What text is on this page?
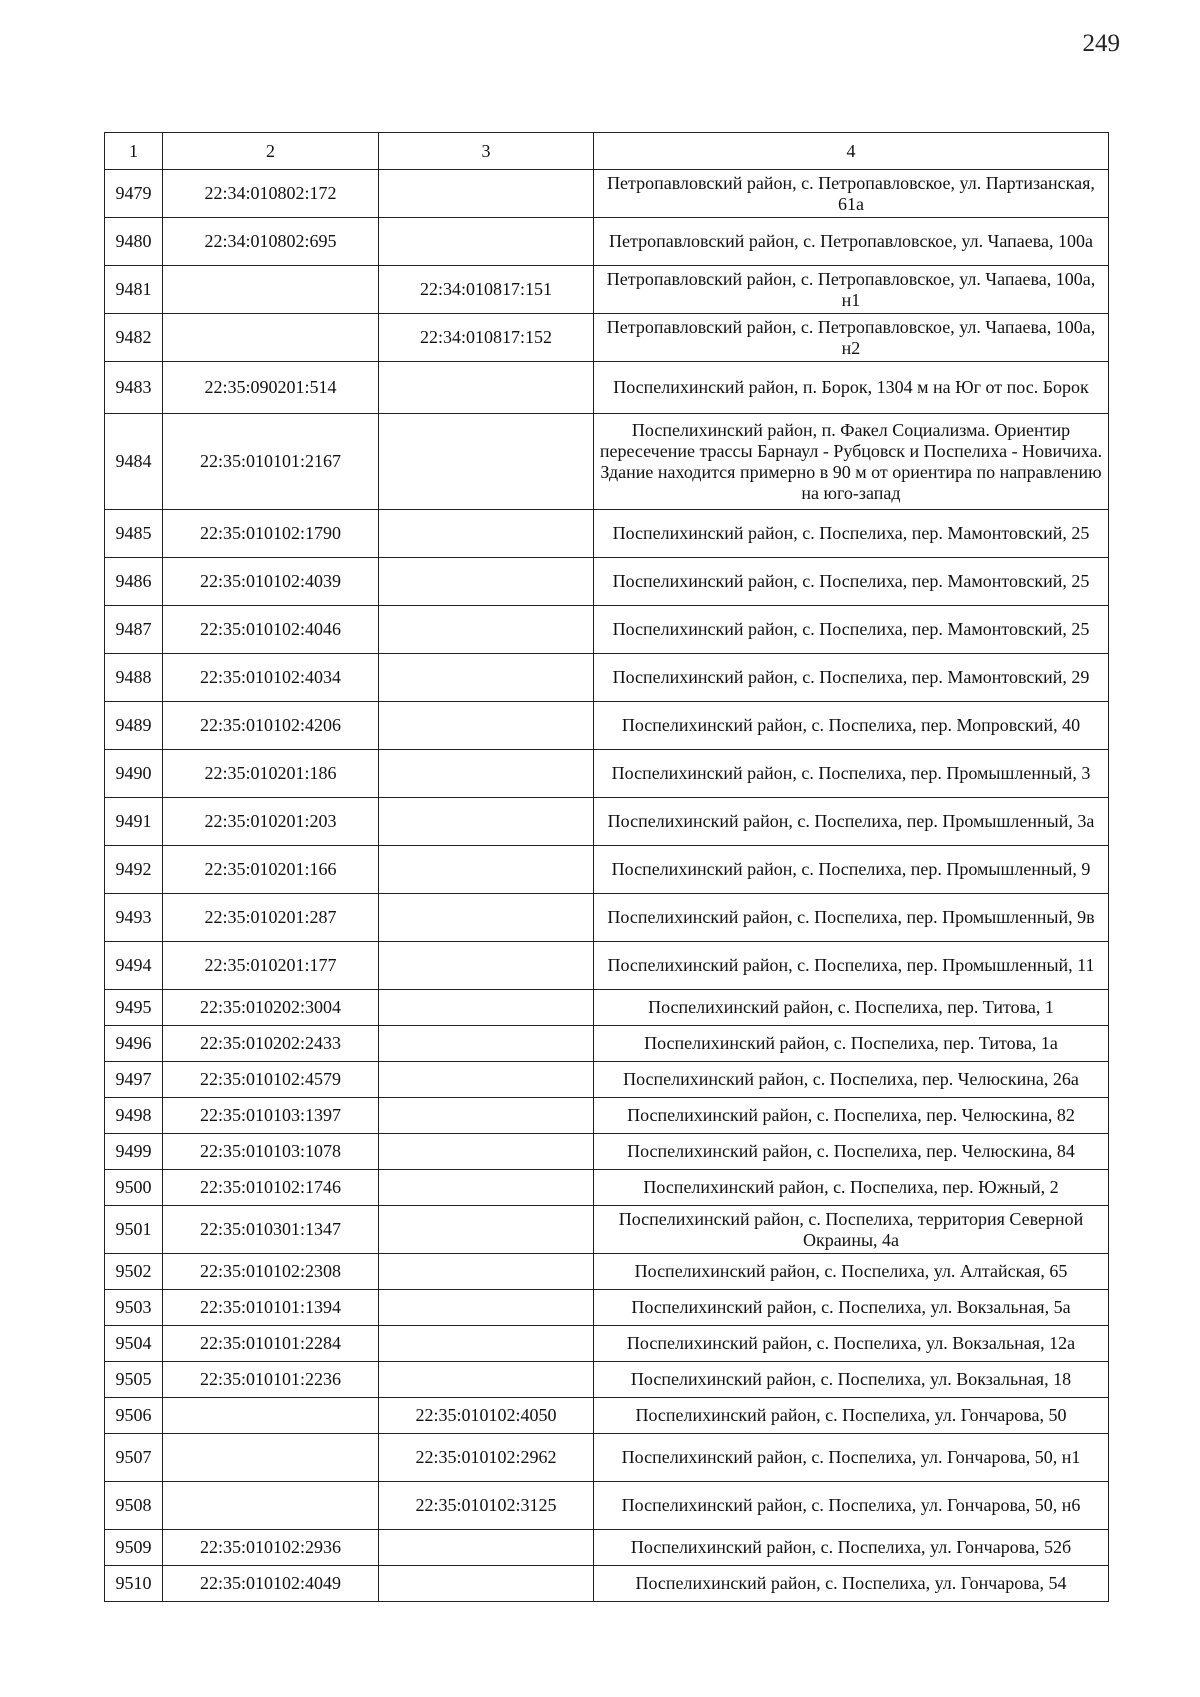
249
1	2	3	4
9479	22:34:010802:172		Петропавловский район, с. Петропавловское, ул. Партизанская, 61а
9480	22:34:010802:695		Петропавловский район, с. Петропавловское, ул. Чапаева, 100а
9481		22:34:010817:151	Петропавловский район, с. Петропавловское, ул. Чапаева, 100а, н1
9482		22:34:010817:152	Петропавловский район, с. Петропавловское, ул. Чапаева, 100а, н2
9483	22:35:090201:514		Поспелихинский район, п. Борок, 1304 м на Юг от пос. Борок
9484	22:35:010101:2167		Поспелихинский район, п. Факел Социализма. Ориентир пересечение трассы Барнаул - Рубцовск и Поспелиха - Новичиха. Здание находится примерно в 90 м от ориентира по направлению на юго-запад
9485	22:35:010102:1790		Поспелихинский район, с. Поспелиха, пер. Мамонтовский, 25
9486	22:35:010102:4039		Поспелихинский район, с. Поспелиха, пер. Мамонтовский, 25
9487	22:35:010102:4046		Поспелихинский район, с. Поспелиха, пер. Мамонтовский, 25
9488	22:35:010102:4034		Поспелихинский район, с. Поспелиха, пер. Мамонтовский, 29
9489	22:35:010102:4206		Поспелихинский район, с. Поспелиха, пер. Мопровский, 40
9490	22:35:010201:186		Поспелихинский район, с. Поспелиха, пер. Промышленный, 3
9491	22:35:010201:203		Поспелихинский район, с. Поспелиха, пер. Промышленный, 3а
9492	22:35:010201:166		Поспелихинский район, с. Поспелиха, пер. Промышленный, 9
9493	22:35:010201:287		Поспелихинский район, с. Поспелиха, пер. Промышленный, 9в
9494	22:35:010201:177		Поспелихинский район, с. Поспелиха, пер. Промышленный, 11
9495	22:35:010202:3004		Поспелихинский район, с. Поспелиха, пер. Титова, 1
9496	22:35:010202:2433		Поспелихинский район, с. Поспелиха, пер. Титова, 1а
9497	22:35:010102:4579		Поспелихинский район, с. Поспелиха, пер. Челюскина, 26а
9498	22:35:010103:1397		Поспелихинский район, с. Поспелиха, пер. Челюскина, 82
9499	22:35:010103:1078		Поспелихинский район, с. Поспелиха, пер. Челюскина, 84
9500	22:35:010102:1746		Поспелихинский район, с. Поспелиха, пер. Южный, 2
9501	22:35:010301:1347		Поспелихинский район, с. Поспелиха, территория Северной Окраины, 4а
9502	22:35:010102:2308		Поспелихинский район, с. Поспелиха, ул. Алтайская, 65
9503	22:35:010101:1394		Поспелихинский район, с. Поспелиха, ул. Вокзальная, 5а
9504	22:35:010101:2284		Поспелихинский район, с. Поспелиха, ул. Вокзальная, 12а
9505	22:35:010101:2236		Поспелихинский район, с. Поспелиха, ул. Вокзальная, 18
9506		22:35:010102:4050	Поспелихинский район, с. Поспелиха, ул. Гончарова, 50
9507		22:35:010102:2962	Поспелихинский район, с. Поспелиха, ул. Гончарова, 50, н1
9508		22:35:010102:3125	Поспелихинский район, с. Поспелиха, ул. Гончарова, 50, н6
9509	22:35:010102:2936		Поспелихинский район, с. Поспелиха, ул. Гончарова, 52б
9510	22:35:010102:4049		Поспелихинский район, с. Поспелиха, ул. Гончарова, 54
